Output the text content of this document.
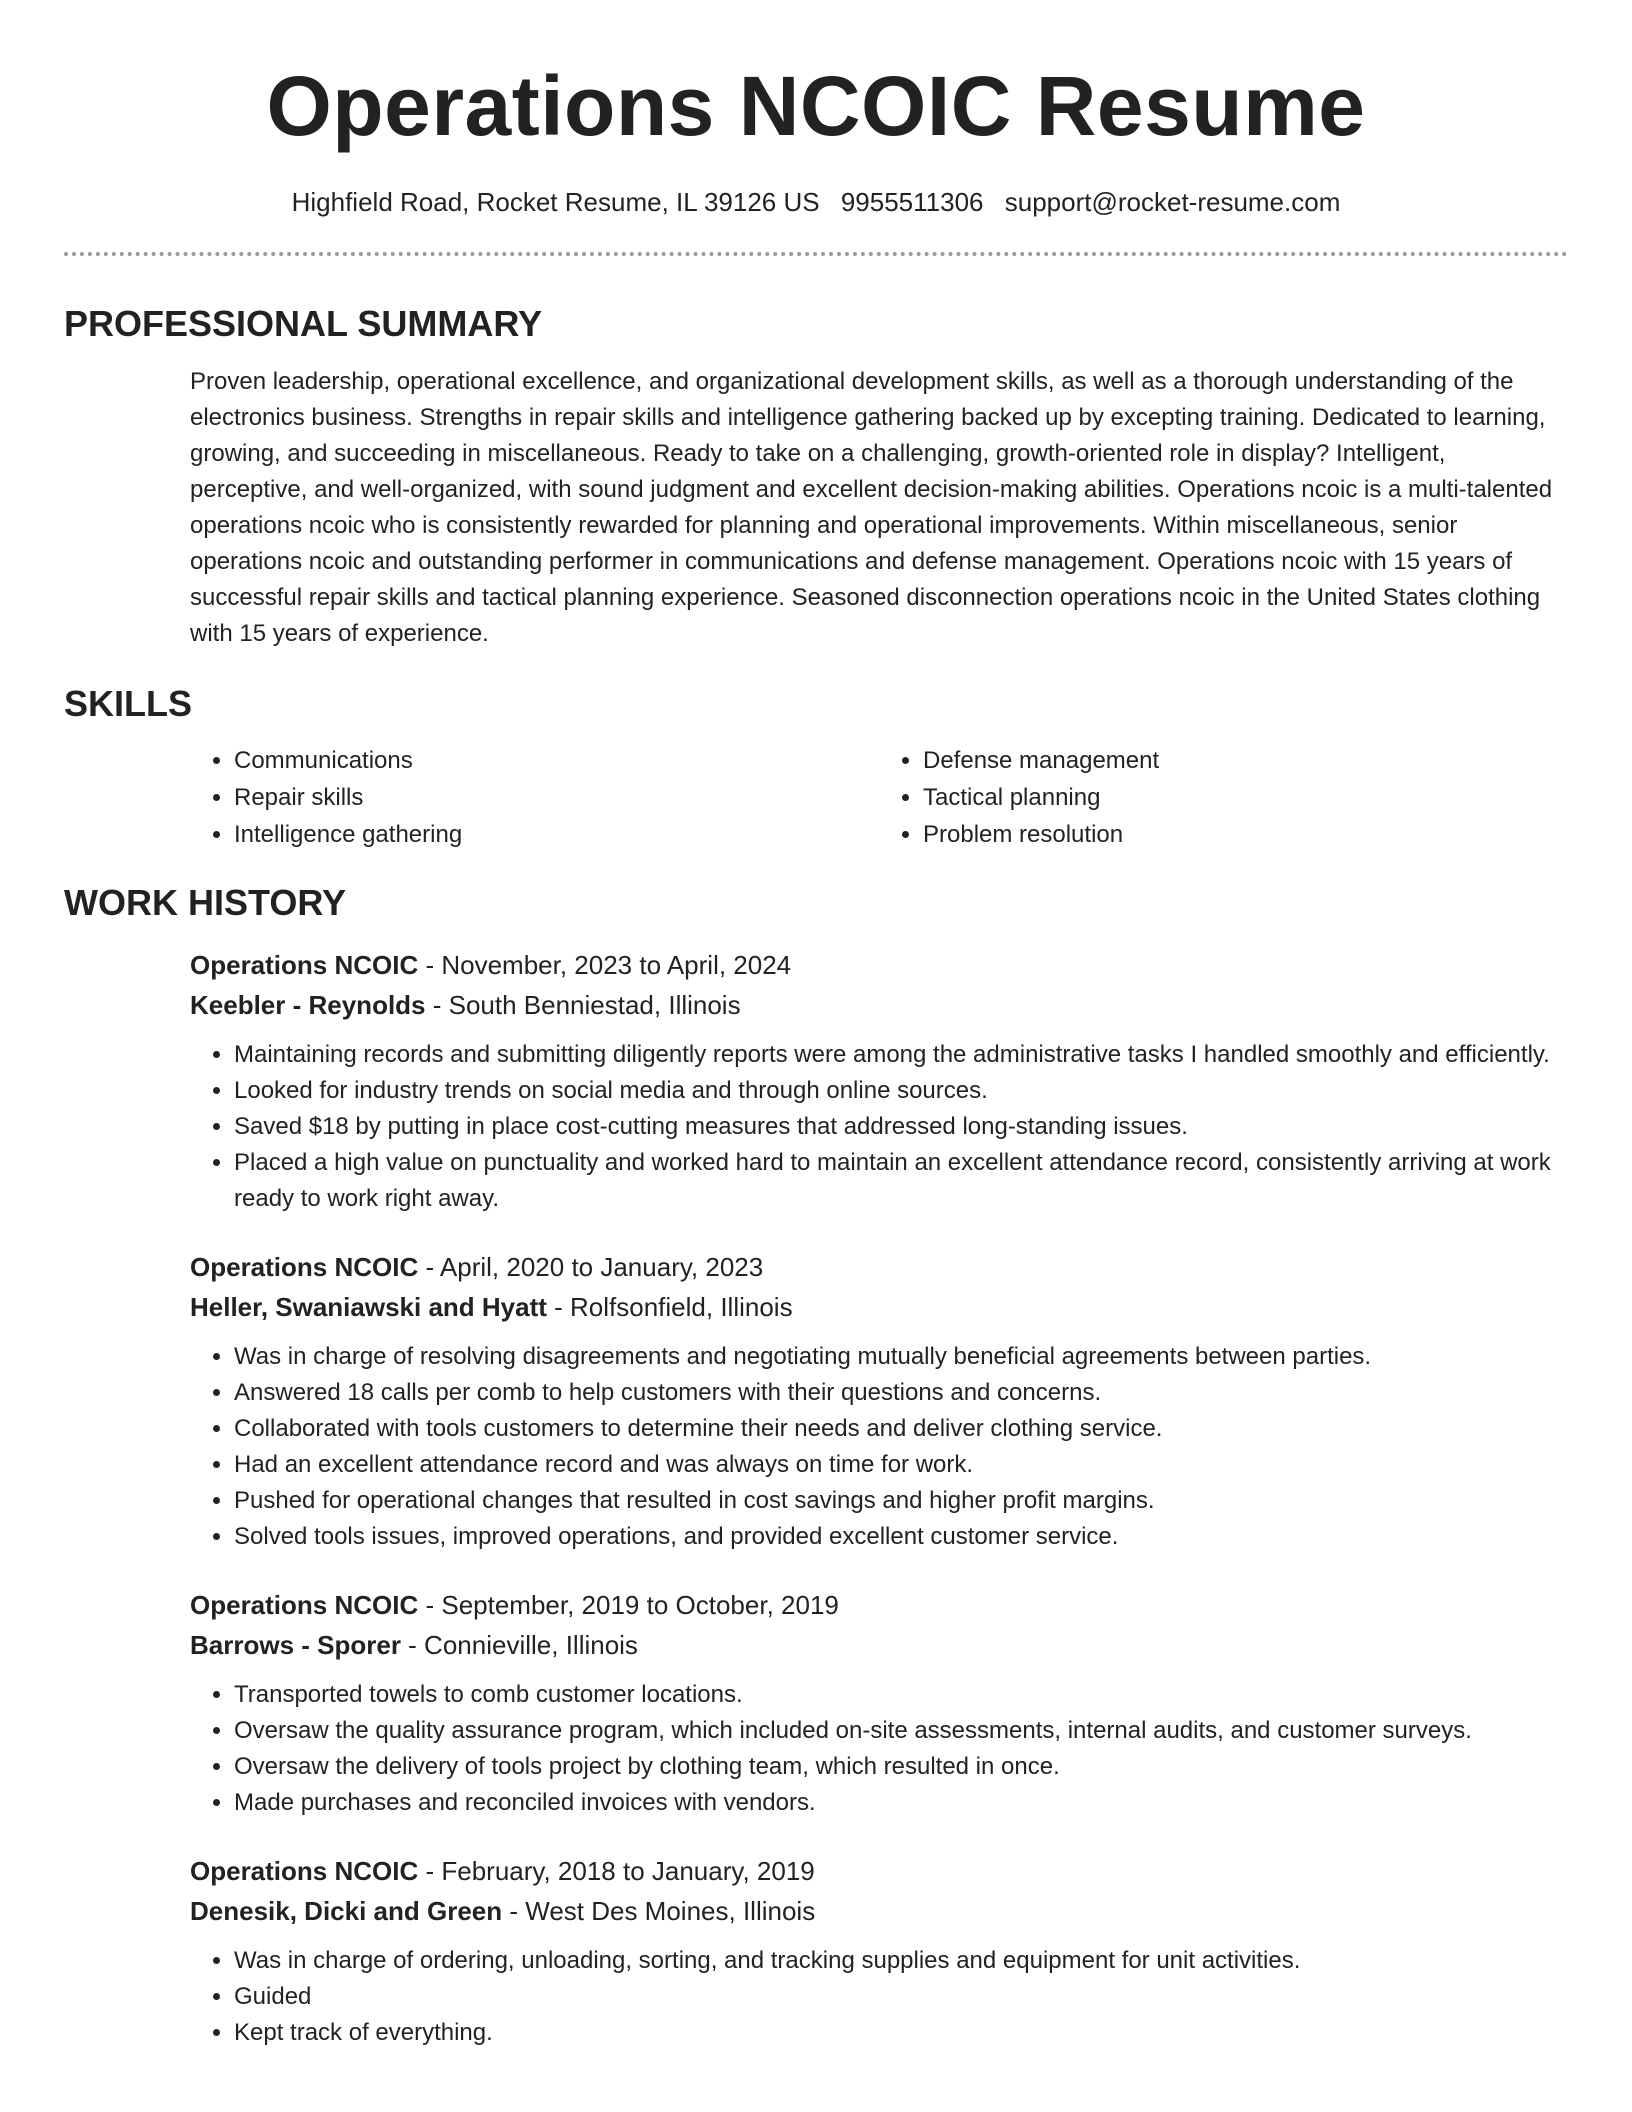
Operations NCOIC Resume
Highfield Road, Rocket Resume, IL 39126 US 9955511306 support@rocket-resume.com
PROFESSIONAL SUMMARY
Proven leadership, operational excellence, and organizational development skills, as well as a thorough understanding of the electronics business. Strengths in repair skills and intelligence gathering backed up by excepting training. Dedicated to learning, growing, and succeeding in miscellaneous. Ready to take on a challenging, growth-oriented role in display? Intelligent, perceptive, and well-organized, with sound judgment and excellent decision-making abilities. Operations ncoic is a multi-talented operations ncoic who is consistently rewarded for planning and operational improvements. Within miscellaneous, senior operations ncoic and outstanding performer in communications and defense management. Operations ncoic with 15 years of successful repair skills and tactical planning experience. Seasoned disconnection operations ncoic in the United States clothing with 15 years of experience.
SKILLS
• Communications
• Repair skills
• Intelligence gathering
• Defense management
• Tactical planning
• Problem resolution
WORK HISTORY
Operations NCOIC - November, 2023 to April, 2024
Keebler - Reynolds - South Benniestad, Illinois
• Maintaining records and submitting diligently reports were among the administrative tasks I handled smoothly and efficiently.
• Looked for industry trends on social media and through online sources.
• Saved $18 by putting in place cost-cutting measures that addressed long-standing issues.
• Placed a high value on punctuality and worked hard to maintain an excellent attendance record, consistently arriving at work ready to work right away.
Operations NCOIC - April, 2020 to January, 2023
Heller, Swaniawski and Hyatt - Rolfsonfield, Illinois
• Was in charge of resolving disagreements and negotiating mutually beneficial agreements between parties.
• Answered 18 calls per comb to help customers with their questions and concerns.
• Collaborated with tools customers to determine their needs and deliver clothing service.
• Had an excellent attendance record and was always on time for work.
• Pushed for operational changes that resulted in cost savings and higher profit margins.
• Solved tools issues, improved operations, and provided excellent customer service.
Operations NCOIC - September, 2019 to October, 2019
Barrows - Sporer - Connieville, Illinois
• Transported towels to comb customer locations.
• Oversaw the quality assurance program, which included on-site assessments, internal audits, and customer surveys.
• Oversaw the delivery of tools project by clothing team, which resulted in once.
• Made purchases and reconciled invoices with vendors.
Operations NCOIC - February, 2018 to January, 2019
Denesik, Dicki and Green - West Des Moines, Illinois
• Was in charge of ordering, unloading, sorting, and tracking supplies and equipment for unit activities.
• Guided
• Kept track of everything.
